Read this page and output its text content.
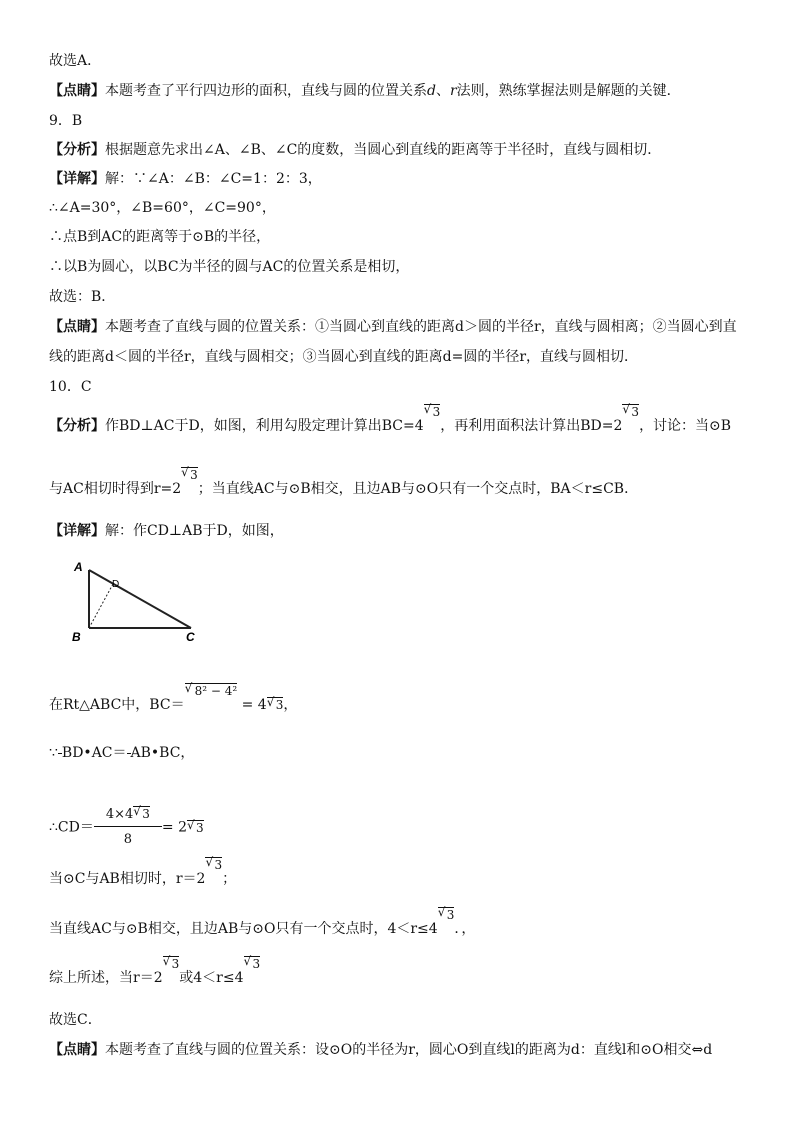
故选A．
【点睛】本题考查了平行四边形的面积，直线与圆的位置关系d、r法则，熟练掌握法则是解题的关键．
9．B
【分析】根据题意先求出∠A、∠B、∠C的度数，当圆心到直线的距离等于半径时，直线与圆相切．
【详解】解：∵∠A：∠B：∠C=1：2：3，
∴∠A=30°，∠B=60°，∠C=90°，
∴点B到AC的距离等于⊙B的半径，
∴以B为圆心，以BC为半径的圆与AC的位置关系是相切，
故选：B．
【点睛】本题考查了直线与圆的位置关系：①当圆心到直线的距离d＞圆的半径r，直线与圆相离；②当圆心到直
线的距离d＜圆的半径r，直线与圆相交；③当圆心到直线的距离d=圆的半径r，直线与圆相切．
10．C
【分析】作BD⊥AC于D，如图，利用勾股定理计算出BC=4√ 3，再利用面积法计算出BD=2√ 3，讨论：当⊙B
与AC相切时得到r=2√ 3；当直线AC与⊙B相交，且边AB与⊙O只有一个交点时，BA＜r≤CB．
【详解】解：作CD⊥AB于D，如图，
A
B	C
D
在Rt△ABC中，BC＝√ 8² − 4² = 4√ 3，
∵ BD•AC＝ AB•BC，
∴CD＝ $\frac{4\times 4√ 3}{8} = 2√$ 3
当⊙C与AB相切时，r＝2√ 3；
当直线AC与⊙B相交，且边AB与⊙O只有一个交点时，4＜r≤4√ 3．，
综上所述，当r＝2√ 3或4＜r≤4√ 3
故选C．
【点睛】本题考查了直线与圆的位置关系：设⊙O的半径为r，圆心O到直线l的距离为d：直线l和⊙O相交⇔d
